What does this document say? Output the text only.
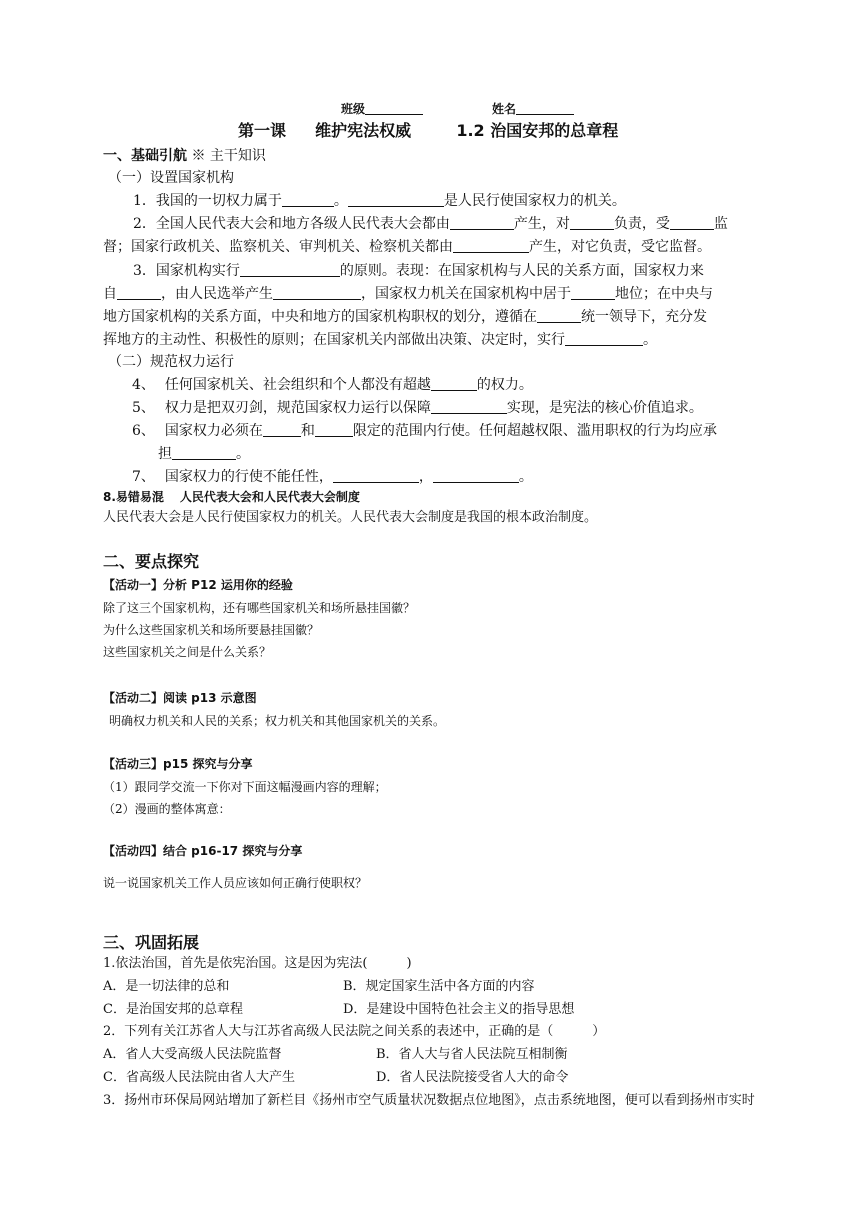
班级	姓名
第一课 维护宪法权威	1.2 治国安邦的总章程
一、基础引航 ※ 主干知识
（一）设置国家机构
1．我国的一切权力属于	。	是人民行使国家权力的机关。
2．全国人民代表大会和地方各级人民代表大会都由	产生，对	负责，受	监
督；国家行政机关、监察机关、审判机关、检察机关都由	产生，对它负责，受它监督。
3．国家机构实行	的原则。表现：在国家机构与人民的关系方面，国家权力来
自	，由人民选举产生	，国家权力机关在国家机构中居于	地位；在中央与
地方国家机构的关系方面，中央和地方的国家机构职权的划分，遵循在	统一领导下，充分发
挥地方的主动性、积极性的原则；在国家机关内部做出决策、决定时，实行	。
（二）规范权力运行
4、 任何国家机关、社会组织和个人都没有超越	的权力。
5、 权力是把双刃剑，规范国家权力运行以保障	实现，是宪法的核心价值追求。
6、 国家权力必须在	和	限定的范围内行使。任何超越权限、滥用职权的行为均应承
担	。
7、 国家权力的行使不能任性，	，	。
8.易错易混 人民代表大会和人民代表大会制度
人民代表大会是人民行使国家权力的机关。人民代表大会制度是我国的根本政治制度。
二、要点探究
【活动一】分析 P12 运用你的经验
除了这三个国家机构，还有哪些国家机关和场所悬挂国徽？
为什么这些国家机关和场所要悬挂国徽？
这些国家机关之间是什么关系？
【活动二】阅读 p13 示意图
明确权力机关和人民的关系；权力机关和其他国家机关的关系。
【活动三】p15 探究与分享
（1）跟同学交流一下你对下面这幅漫画内容的理解；
（2）漫画的整体寓意：
【活动四】结合 p16-17 探究与分享
说一说国家机关工作人员应该如何正确行使职权？
三、巩固拓展
1.依法治国，首先是依宪治国。这是因为宪法(　　　)
A．是一切法律的总和	B．规定国家生活中各方面的内容
C．是治国安邦的总章程	D．是建设中国特色社会主义的指导思想
2．下列有关江苏省人大与江苏省高级人民法院之间关系的表述中，正确的是（　　　）
A．省人大受高级人民法院监督	B．省人大与省人民法院互相制衡
C．省高级人民法院由省人大产生	D．省人民法院接受省人大的命令
3．扬州市环保局网站增加了新栏目《扬州市空气质量状况数据点位地图》，点击系统地图，便可以看到扬州市实时
